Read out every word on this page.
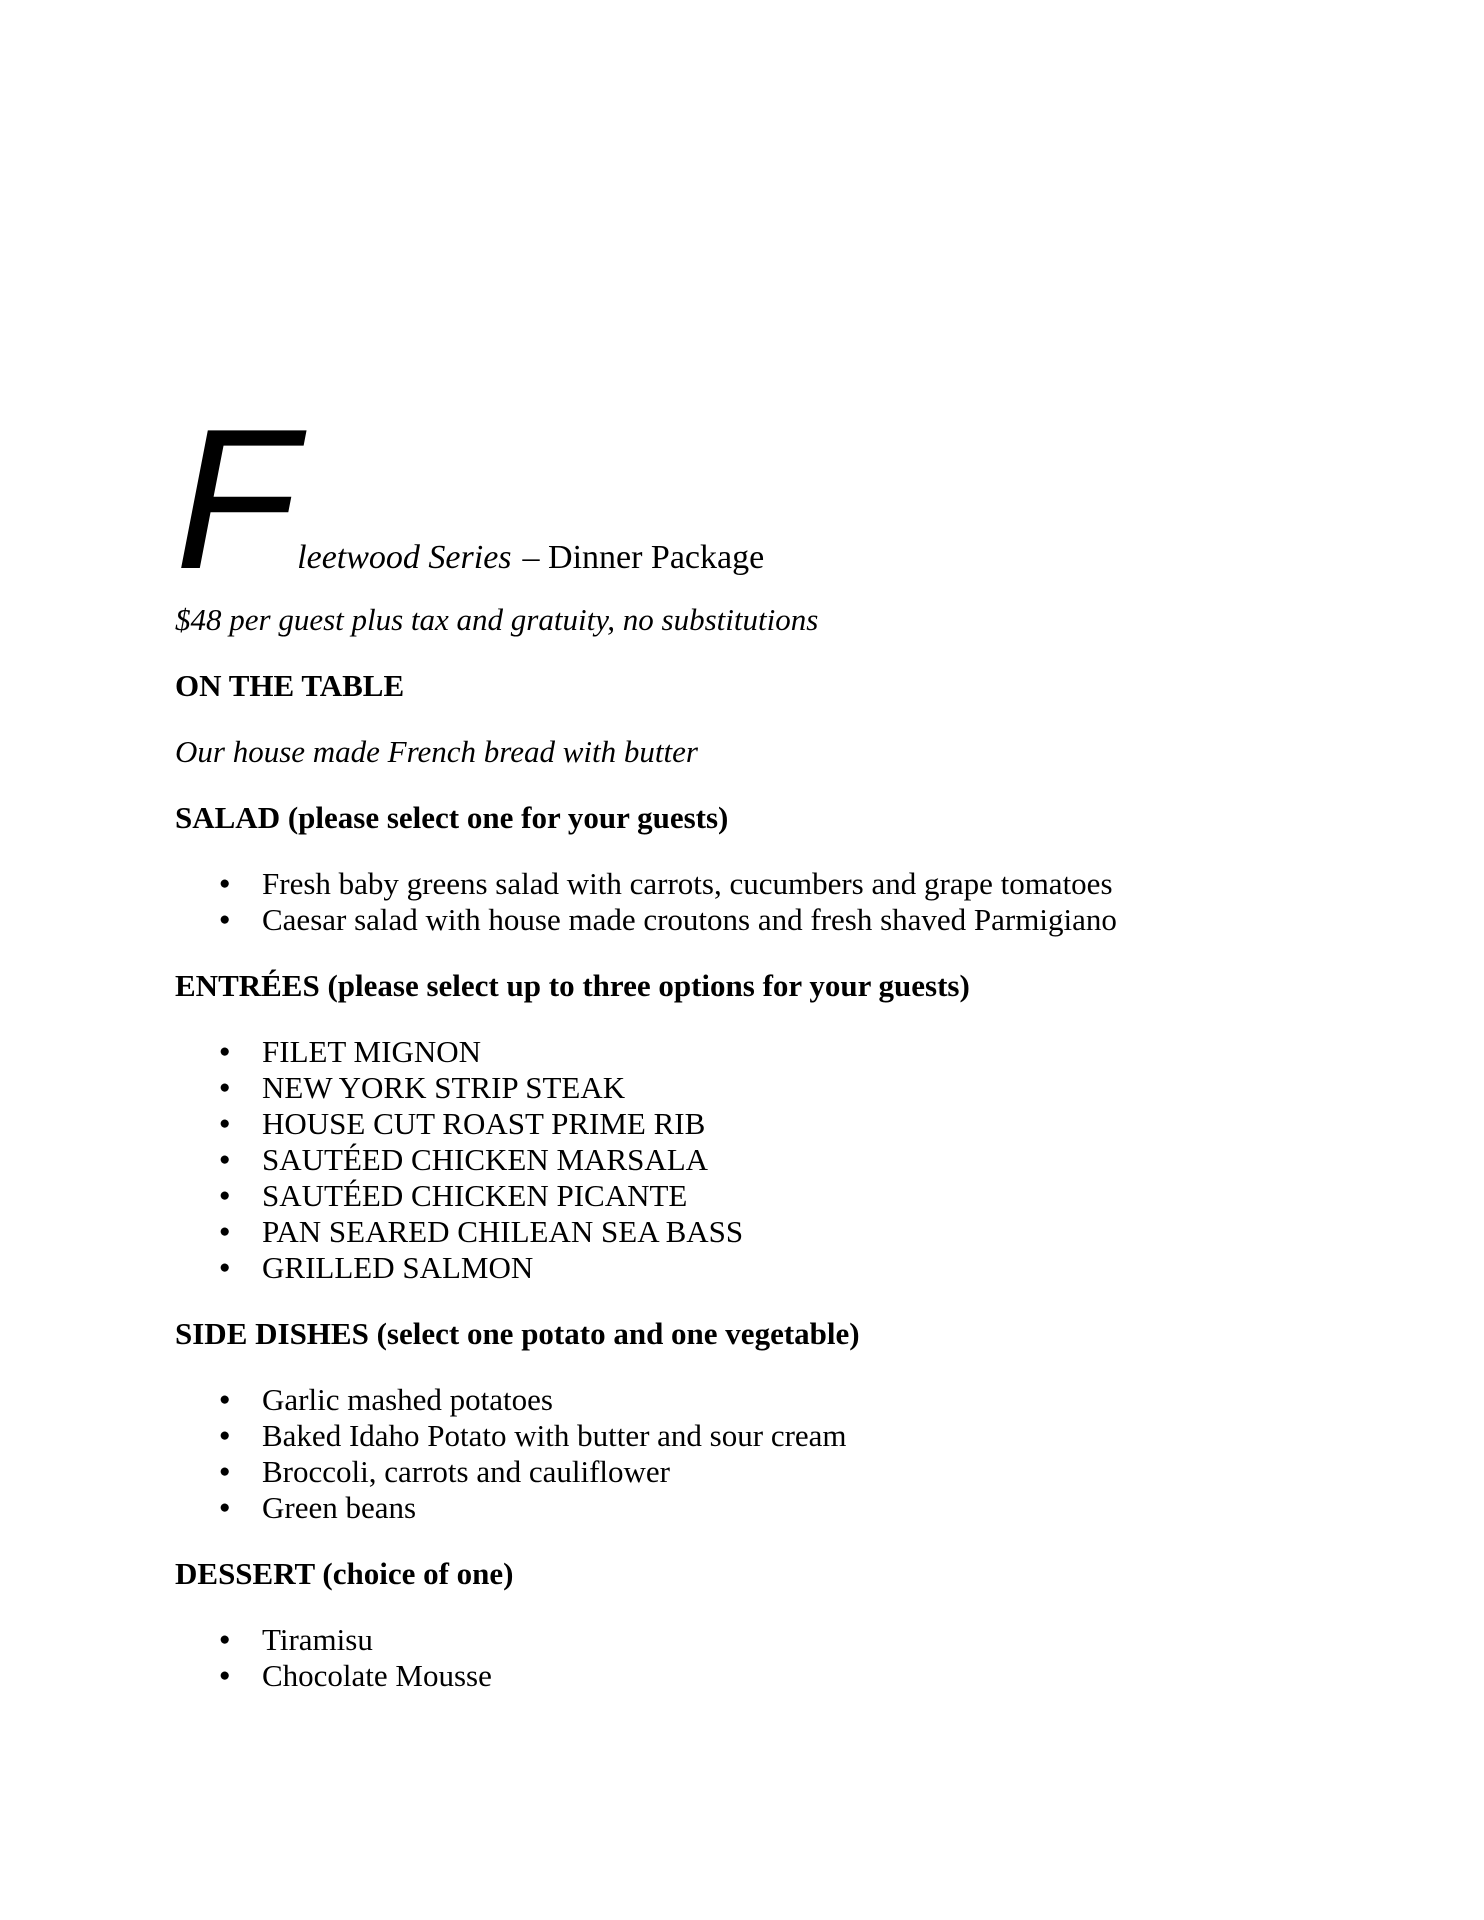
F leetwood Series – Dinner Package

$48 per guest plus tax and gratuity, no substitutions

ON THE TABLE

Our house made French bread with butter

SALAD (please select one for your guests)
● Fresh baby greens salad with carrots, cucumbers and grape tomatoes
● Caesar salad with house made croutons and fresh shaved Parmigiano
ENTRÉES (please select up to three options for your guests)
● FILET MIGNON
● NEW YORK STRIP STEAK
● HOUSE CUT ROAST PRIME RIB
● SAUTÉED CHICKEN MARSALA
● SAUTÉED CHICKEN PICANTE
● PAN SEARED CHILEAN SEA BASS
● GRILLED SALMON
SIDE DISHES (select one potato and one vegetable)
● Garlic mashed potatoes
● Baked Idaho Potato with butter and sour cream
● Broccoli, carrots and cauliflower
● Green beans
DESSERT (choice of one)
● Tiramisu
● Chocolate Mousse
